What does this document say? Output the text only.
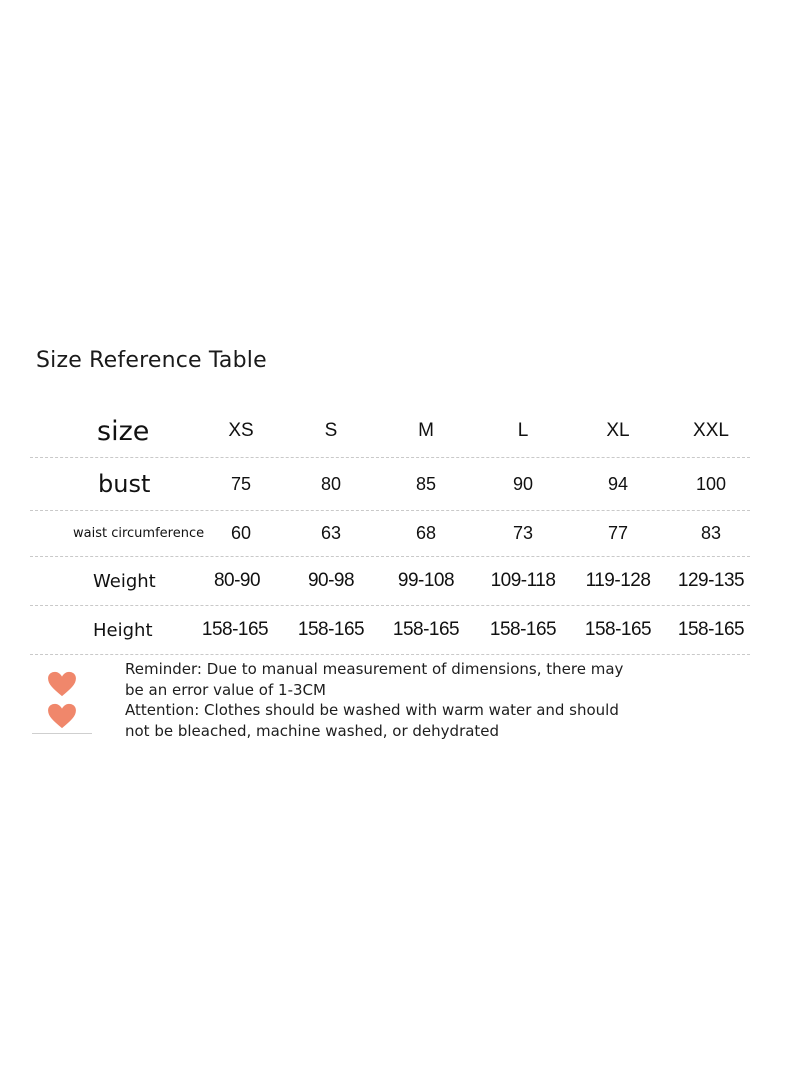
Size Reference Table
size	XS	S	M	L	XL	XXL
bust	75	80	85	90	94	100
waist circumference	60	63	68	73	77	83
Weight	80-90	90-98	99-108	109-118	119-128	129-135
Height	158-165	158-165	158-165	158-165	158-165	158-165
Reminder: Due to manual measurement of dimensions, there may be an error value of 1-3CM
Attention: Clothes should be washed with warm water and should not be bleached, machine washed, or dehydrated
